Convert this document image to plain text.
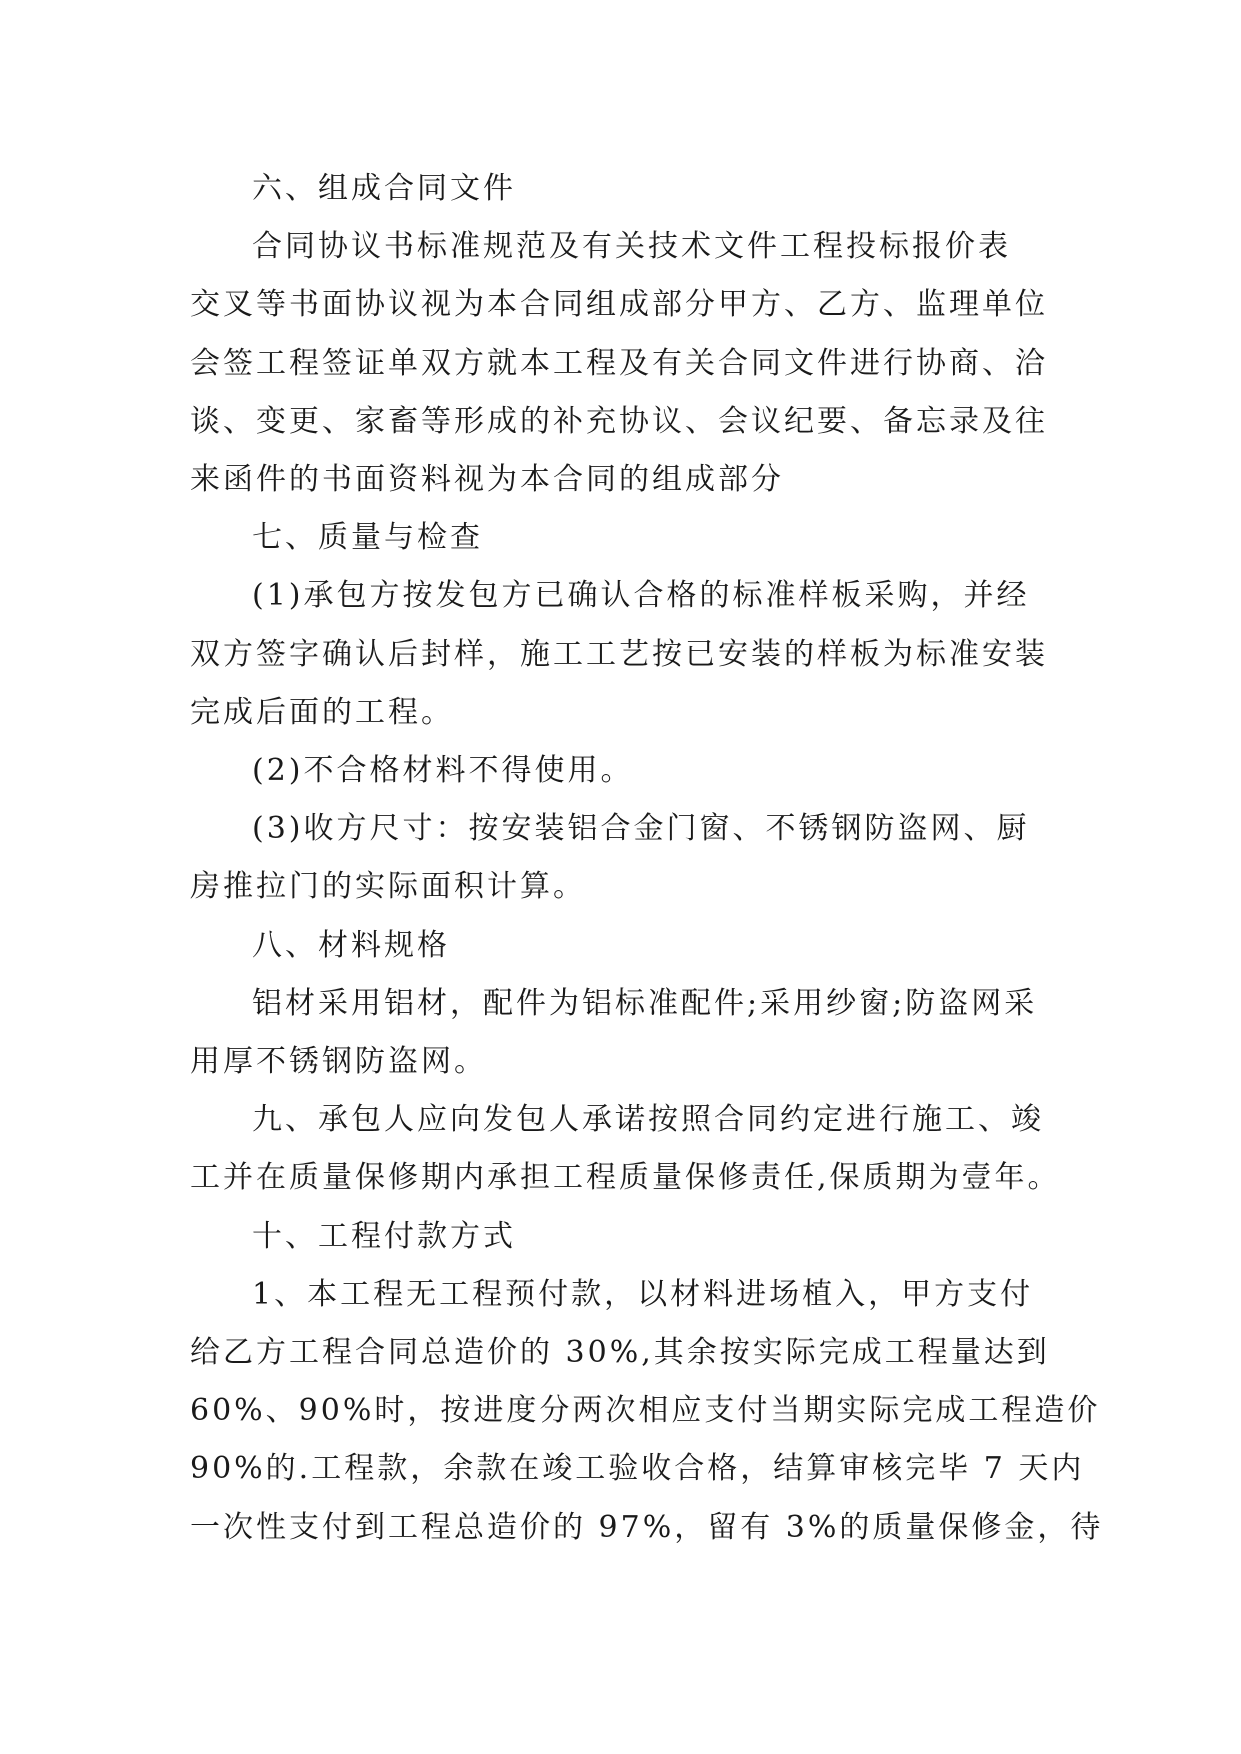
六、组成合同文件
合同协议书标准规范及有关技术文件工程投标报价表
交叉等书面协议视为本合同组成部分甲方、乙方、监理单位
会签工程签证单双方就本工程及有关合同文件进行协商、洽
谈、变更、家畜等形成的补充协议、会议纪要、备忘录及往
来函件的书面资料视为本合同的组成部分
七、质量与检查
(1)承包方按发包方已确认合格的标准样板采购，并经
双方签字确认后封样，施工工艺按已安装的样板为标准安装
完成后面的工程。
(2)不合格材料不得使用。
(3)收方尺寸：按安装铝合金门窗、不锈钢防盗网、厨
房推拉门的实际面积计算。
八、材料规格
铝材采用铝材，配件为铝标准配件;采用纱窗;防盗网采
用厚不锈钢防盗网。
九、承包人应向发包人承诺按照合同约定进行施工、竣
工并在质量保修期内承担工程质量保修责任,保质期为壹年。
十、工程付款方式
1、本工程无工程预付款，以材料进场植入，甲方支付
给乙方工程合同总造价的 30%,其余按实际完成工程量达到
60%、90%时，按进度分两次相应支付当期实际完成工程造价
90%的.工程款，余款在竣工验收合格，结算审核完毕 7 天内
一次性支付到工程总造价的 97%，留有 3%的质量保修金，待
